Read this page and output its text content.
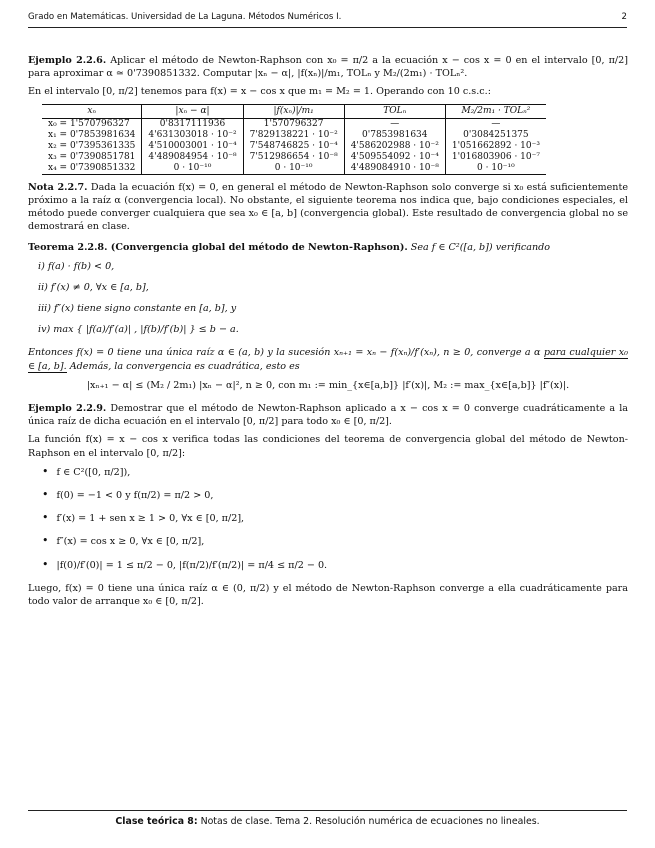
Grado en Matemáticas. Universidad de La Laguna. Métodos Numéricos I.	2

Ejemplo 2.2.6. Aplicar el método de Newton-Raphson con x₀ = π/2 a la ecuación x − cos x = 0 en el intervalo [0, π/2] para aproximar α ≃ 0'7390851332. Computar |xₙ − α|, |f(xₙ)|/m₁, TOLₙ y M₂/(2m₁) · TOLₙ².

En el intervalo [0, π/2] tenemos para f(x) = x − cos x que m₁ = M₂ = 1. Operando con 10 c.s.c.:

xₙ	|xₙ − α|	|f(xₙ)|/m₁	TOLₙ	M₂/2m₁ · TOLₙ²
x₀ = 1'570796327	0'8317111936	1'570796327	—	—
x₁ = 0'7853981634	4'631303018 · 10⁻²	7'829138221 · 10⁻²	0'7853981634	0'3084251375
x₂ = 0'7395361335	4'510003001 · 10⁻⁴	7'548746825 · 10⁻⁴	4'586202988 · 10⁻²	1'051662892 · 10⁻³
x₃ = 0'7390851781	4'489084954 · 10⁻⁸	7'512986654 · 10⁻⁸	4'509554092 · 10⁻⁴	1'016803906 · 10⁻⁷
x₄ = 0'7390851332	0 · 10⁻¹⁰	0 · 10⁻¹⁰	4'489084910 · 10⁻⁸	0 · 10⁻¹⁰

Nota 2.2.7. Dada la ecuación f(x) = 0, en general el método de Newton-Raphson solo converge si x₀ está suficientemente próximo a la raíz α (convergencia local). No obstante, el siguiente teorema nos indica que, bajo condiciones especiales, el método puede converger cualquiera que sea x₀ ∈ [a, b] (convergencia global). Este resultado de convergencia global no se demostrará en clase.

Teorema 2.2.8. (Convergencia global del método de Newton-Raphson). Sea f ∈ C²([a, b]) verificando

i) f(a) · f(b) < 0,
ii) f′(x) ≠ 0, ∀x ∈ [a, b],
iii) f″(x) tiene signo constante en [a, b], y
iv) max { |f(a)/f′(a)| , |f(b)/f′(b)| } ≤ b − a.

Entonces f(x) = 0 tiene una única raíz α ∈ (a, b) y la sucesión xₙ₊₁ = xₙ − f(xₙ)/f′(xₙ), n ≥ 0, converge a α para cualquier x₀ ∈ [a, b]. Además, la convergencia es cuadrática, esto es

|xₙ₊₁ − α| ≤ (M₂ / 2m₁) |xₙ − α|², n ≥ 0, con m₁ := min_{x∈[a,b]} |f′(x)|, M₂ := max_{x∈[a,b]} |f″(x)|.

Ejemplo 2.2.9. Demostrar que el método de Newton-Raphson aplicado a x − cos x = 0 converge cuadráticamente a la única raíz de dicha ecuación en el intervalo [0, π/2] para todo x₀ ∈ [0, π/2].

La función f(x) = x − cos x verifica todas las condiciones del teorema de convergencia global del método de Newton-Raphson en el intervalo [0, π/2]:

• f ∈ C²([0, π/2]),
• f(0) = −1 < 0 y f(π/2) = π/2 > 0,
• f′(x) = 1 + sen x ≥ 1 > 0, ∀x ∈ [0, π/2],
• f″(x) = cos x ≥ 0, ∀x ∈ [0, π/2],
• |f(0)/f′(0)| = 1 ≤ π/2 − 0, |f(π/2)/f′(π/2)| = π/4 ≤ π/2 − 0.

Luego, f(x) = 0 tiene una única raíz α ∈ (0, π/2) y el método de Newton-Raphson converge a ella cuadráticamente para todo valor de arranque x₀ ∈ [0, π/2].

Clase teórica 8: Notas de clase. Tema 2. Resolución numérica de ecuaciones no lineales.
